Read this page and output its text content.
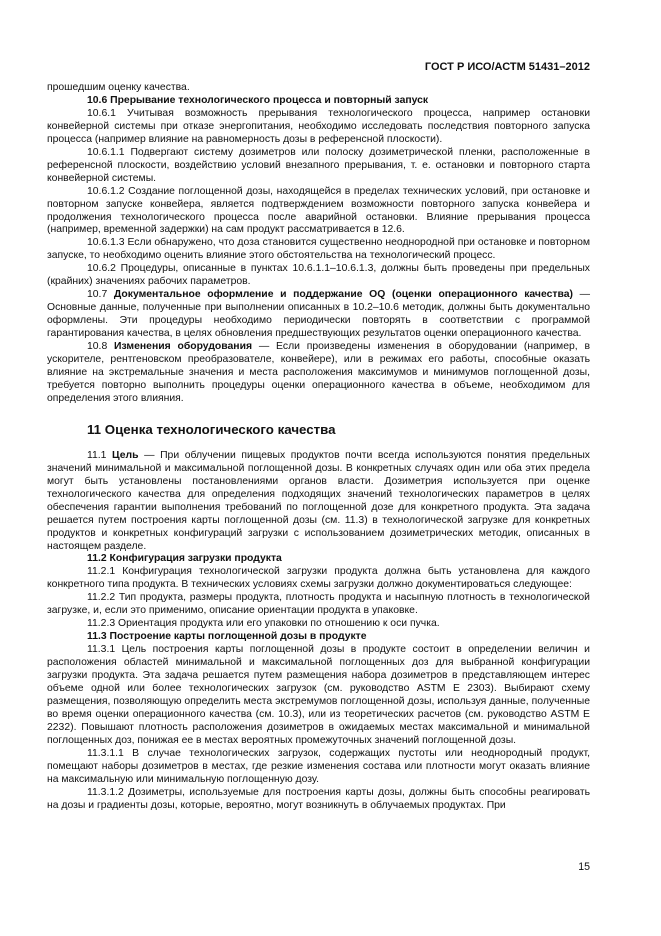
ГОСТ Р ИСО/АСТМ 51431–2012

прошедшим оценку качества.

10.6 Прерывание технологического процесса и повторный запуск

10.6.1 Учитывая возможность прерывания технологического процесса, например остановки конвейерной системы при отказе энергопитания, необходимо исследовать последствия повторного запуска процесса (например влияние на равномерность дозы в референсной плоскости).

10.6.1.1 Подвергают систему дозиметров или полоску дозиметрической пленки, расположенные в референсной плоскости, воздействию условий внезапного прерывания, т. е. остановки и повторного старта конвейерной системы.

10.6.1.2 Создание поглощенной дозы, находящейся в пределах технических условий, при остановке и повторном запуске конвейера, является подтверждением возможности повторного запуска конвейера и продолжения технологического процесса после аварийной остановки. Влияние прерывания процесса (например, временной задержки) на сам продукт рассматривается в 12.6.

10.6.1.3 Если обнаружено, что доза становится существенно неоднородной при остановке и повторном запуске, то необходимо оценить влияние этого обстоятельства на технологический процесс.

10.6.2 Процедуры, описанные в пунктах 10.6.1.1–10.6.1.3, должны быть проведены при предельных (крайних) значениях рабочих параметров.

10.7 Документальное оформление и поддержание OQ (оценки операционного качества) — Основные данные, полученные при выполнении описанных в 10.2–10.6 методик, должны быть документально оформлены. Эти процедуры необходимо периодически повторять в соответствии с программой гарантирования качества, в целях обновления предшествующих результатов оценки операционного качества.

10.8 Изменения оборудования — Если произведены изменения в оборудовании (например, в ускорителе, рентгеновском преобразователе, конвейере), или в режимах его работы, способные оказать влияние на экстремальные значения и места расположения максимумов и минимумов поглощенной дозы, требуется повторно выполнить процедуры оценки операционного качества в объеме, необходимом для определения этого влияния.

11 Оценка технологического качества

11.1 Цель — При облучении пищевых продуктов почти всегда используются понятия предельных значений минимальной и максимальной поглощенной дозы. В конкретных случаях один или оба этих предела могут быть установлены постановлениями органов власти. Дозиметрия используется при оценке технологического качества для определения подходящих значений технологических параметров в целях обеспечения гарантии выполнения требований по поглощенной дозе для конкретного продукта. Эта задача решается путем построения карты поглощенной дозы (см. 11.3) в технологической загрузке для конкретных продуктов и конкретных конфигураций загрузки с использованием дозиметрических методик, описанных в настоящем разделе.

11.2 Конфигурация загрузки продукта

11.2.1 Конфигурация технологической загрузки продукта должна быть установлена для каждого конкретного типа продукта. В технических условиях схемы загрузки должно документироваться следующее:

11.2.2 Тип продукта, размеры продукта, плотность продукта и насыпную плотность в технологической загрузке, и, если это применимо, описание ориентации продукта в упаковке.

11.2.3 Ориентация продукта или его упаковки по отношению к оси пучка.

11.3 Построение карты поглощенной дозы в продукте

11.3.1 Цель построения карты поглощенной дозы в продукте состоит в определении величин и расположения областей минимальной и максимальной поглощенных доз для выбранной конфигурации загрузки продукта. Эта задача решается путем размещения набора дозиметров в представляющем интерес объеме одной или более технологических загрузок (см. руководство ASTM E 2303). Выбирают схему размещения, позволяющую определить места экстремумов поглощенной дозы, используя данные, полученные во время оценки операционного качества (см. 10.3), или из теоретических расчетов (см. руководство ASTM E 2232). Повышают плотность расположения дозиметров в ожидаемых местах максимальной и минимальной поглощенных доз, понижая ее в местах вероятных промежуточных значений поглощенной дозы.

11.3.1.1 В случае технологических загрузок, содержащих пустоты или неоднородный продукт, помещают наборы дозиметров в местах, где резкие изменения состава или плотности могут оказать влияние на максимальную или минимальную поглощенную дозу.

11.3.1.2 Дозиметры, используемые для построения карты дозы, должны быть способны реагировать на дозы и градиенты дозы, которые, вероятно, могут возникнуть в облучаемых продуктах. При

15
